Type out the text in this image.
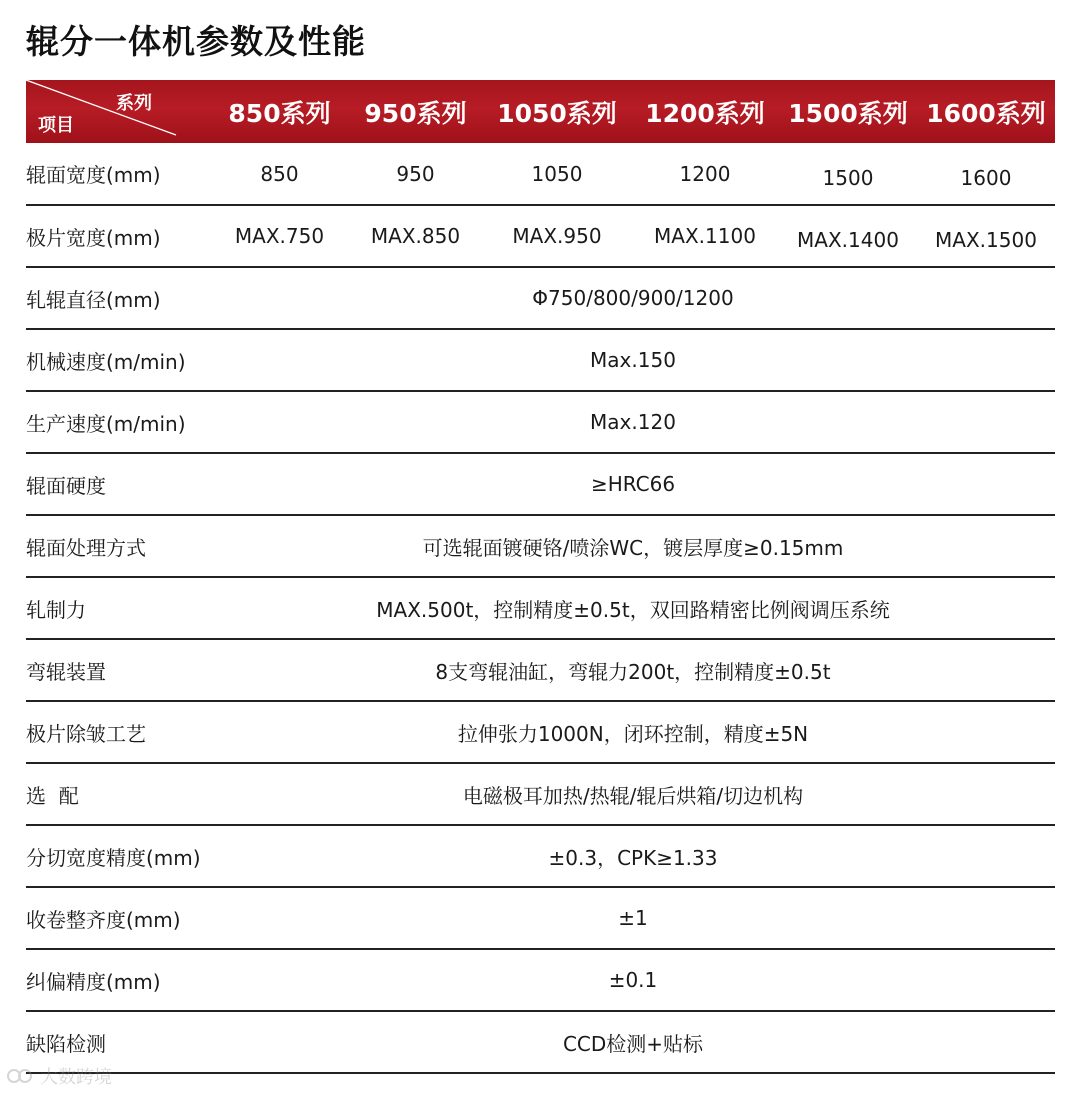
辊分一体机参数及性能
系列
项目	850系列	950系列	1050系列	1200系列	1500系列	1600系列
辊面宽度(mm)	850	950	1050	1200	1500	1600
极片宽度(mm)	MAX.750	MAX.850	MAX.950	MAX.1100	MAX.1400	MAX.1500
轧辊直径(mm)	Φ750/800/900/1200					
机械速度(m/min)	Max.150					
生产速度(m/min)	Max.120					
辊面硬度	≥HRC66					
辊面处理方式	可选辊面镀硬铬/喷涂WC，镀层厚度≥0.15mm					
轧制力	MAX.500t，控制精度±0.5t，双回路精密比例阀调压系统					
弯辊装置	8支弯辊油缸，弯辊力200t，控制精度±0.5t					
极片除皱工艺	拉伸张力1000N，闭环控制，精度±5N					
选  配	电磁极耳加热/热辊/辊后烘箱/切边机构					
分切宽度精度(mm)	±0.3，CPK≥1.33					
收卷整齐度(mm)	±1					
纠偏精度(mm)	±0.1					
缺陷检测	CCD检测+贴标					
大数跨境
